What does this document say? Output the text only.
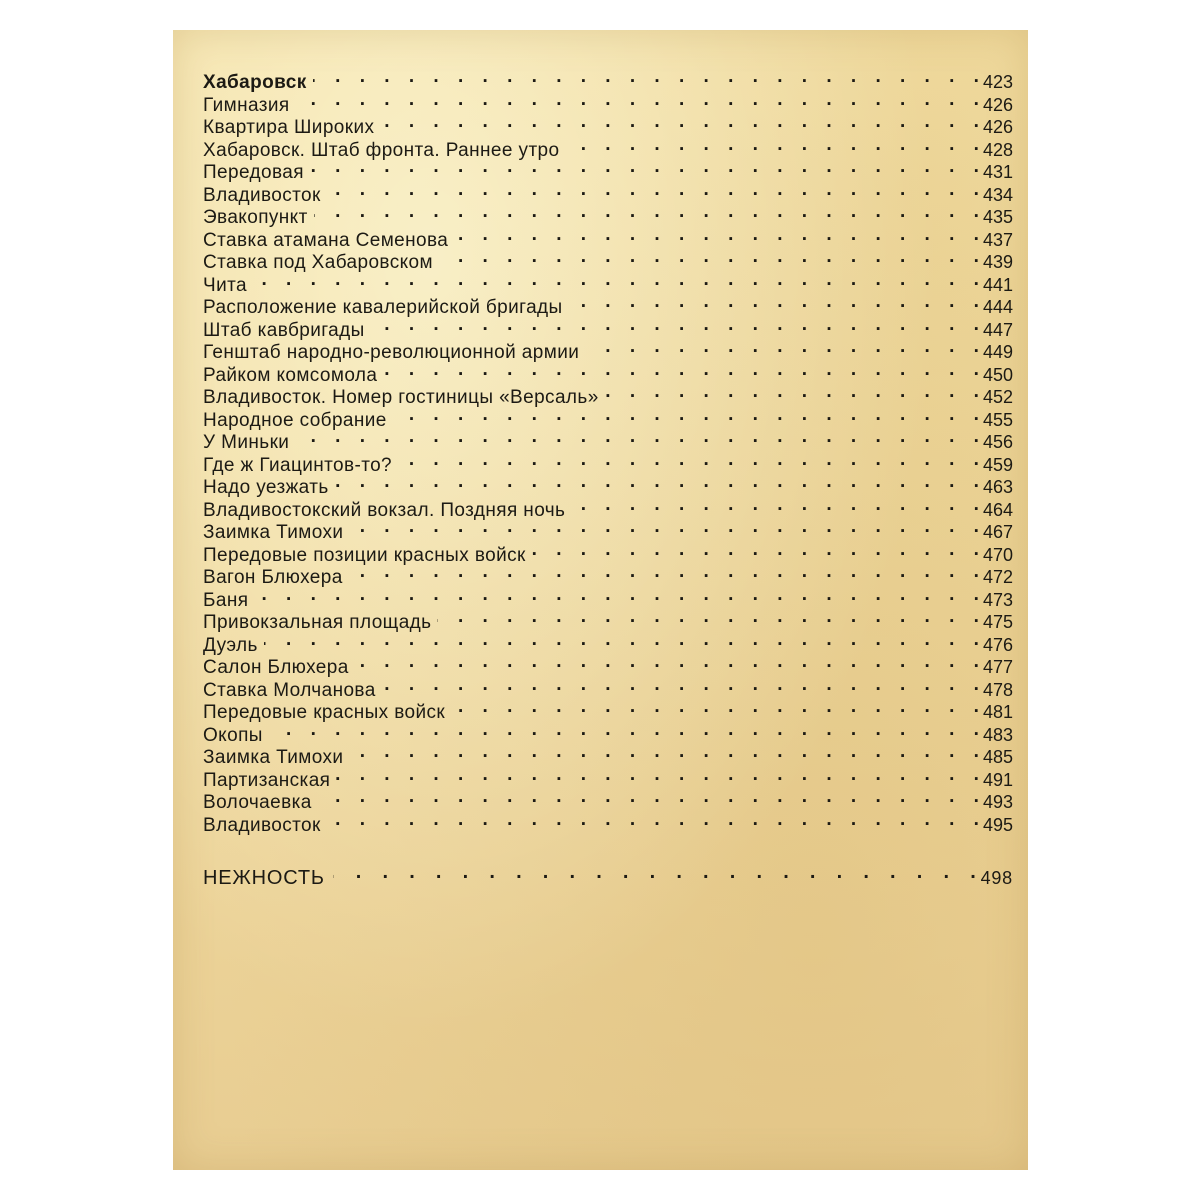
Хабаровск . . .	423
Гимназия . . .	426
Квартира Широких . . .	426
Хабаровск. Штаб фронта. Раннее утро . . .	428
Передовая . . .	431
Владивосток . . .	434
Эвакопункт . . .	435
Ставка атамана Семенова . . .	437
Ставка под Хабаровском . . .	439
Чита . . .	441
Расположение кавалерийской бригады . . .	444
Штаб кавбригады . . .	447
Генштаб народно-революционной армии . . .	449
Райком комсомола . . .	450
Владивосток. Номер гостиницы «Версаль» . . .	452
Народное собрание . . .	455
У Миньки . . .	456
Где ж Гиацинтов-то? . . .	459
Надо уезжать . . .	463
Владивостокский вокзал. Поздняя ночь . . .	464
Заимка Тимохи . . .	467
Передовые позиции красных войск . . .	470
Вагон Блюхера . . .	472
Баня . . .	473
Привокзальная площадь . . .	475
Дуэль . . .	476
Салон Блюхера . . .	477
Ставка Молчанова . . .	478
Передовые красных войск . . .	481
Окопы . . .	483
Заимка Тимохи . . .	485
Партизанская . . .	491
Волочаевка . . .	493
Владивосток . . .	495
НЕЖНОСТЬ . . .	498
